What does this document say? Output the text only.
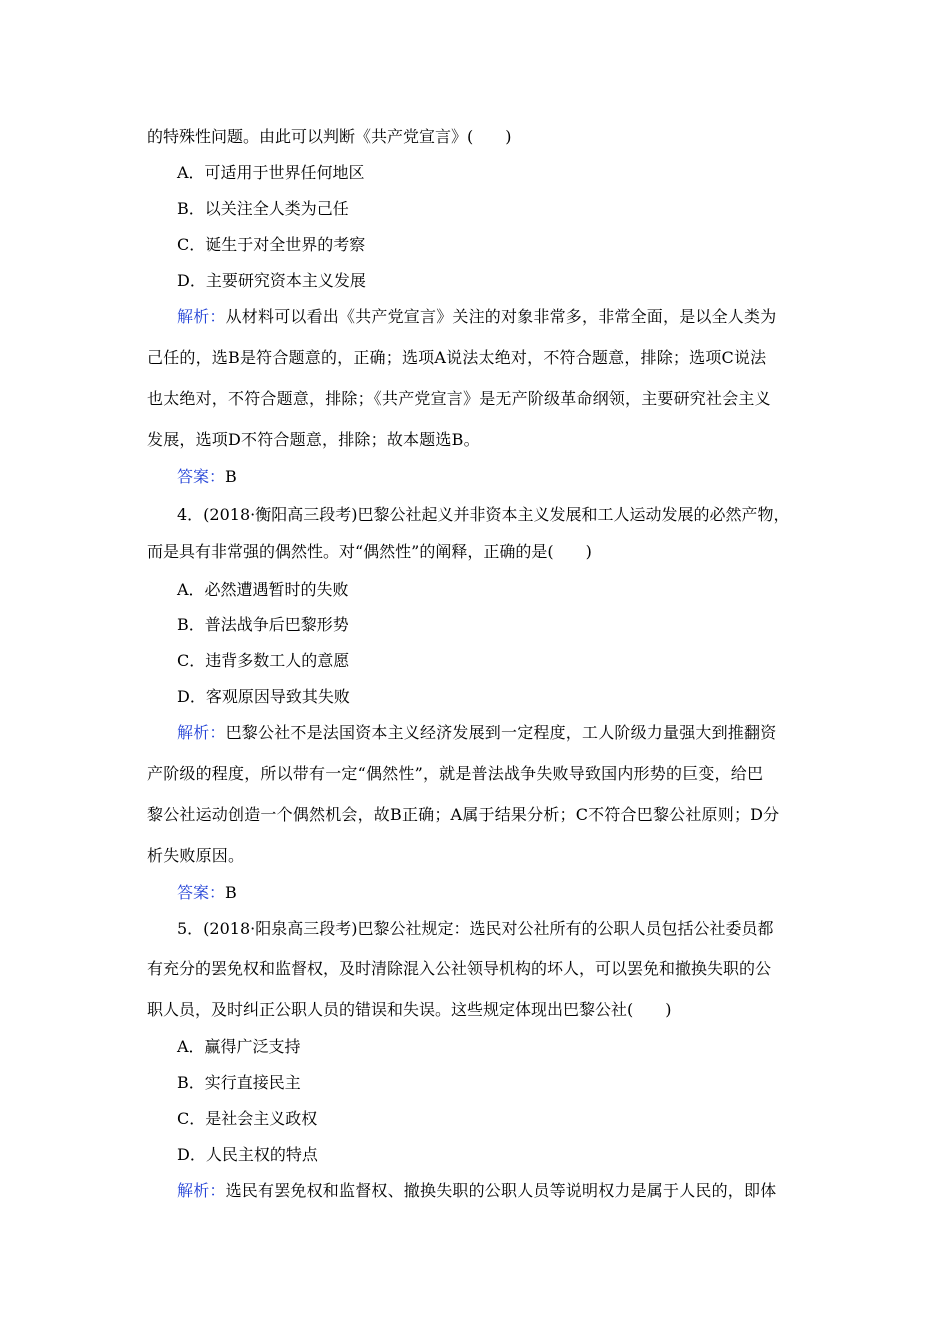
的特殊性问题。由此可以判断《共产党宣言》(　　)
A．可适用于世界任何地区
B．以关注全人类为己任
C．诞生于对全世界的考察
D．主要研究资本主义发展
解析：从材料可以看出《共产党宣言》关注的对象非常多，非常全面，是以全人类为
己任的，选B是符合题意的，正确；选项A说法太绝对，不符合题意，排除；选项C说法
也太绝对，不符合题意，排除；《共产党宣言》是无产阶级革命纲领，主要研究社会主义
发展，选项D不符合题意，排除；故本题选B。
答案：B
4．(2018·衡阳高三段考)巴黎公社起义并非资本主义发展和工人运动发展的必然产物，
而是具有非常强的偶然性。对“偶然性”的阐释，正确的是(　　)
A．必然遭遇暂时的失败
B．普法战争后巴黎形势
C．违背多数工人的意愿
D．客观原因导致其失败
解析：巴黎公社不是法国资本主义经济发展到一定程度，工人阶级力量强大到推翻资
产阶级的程度，所以带有一定“偶然性”，就是普法战争失败导致国内形势的巨变，给巴
黎公社运动创造一个偶然机会，故B正确；A属于结果分析；C不符合巴黎公社原则；D分
析失败原因。
答案：B
5．(2018·阳泉高三段考)巴黎公社规定：选民对公社所有的公职人员包括公社委员都
有充分的罢免权和监督权，及时清除混入公社领导机构的坏人，可以罢免和撤换失职的公
职人员，及时纠正公职人员的错误和失误。这些规定体现出巴黎公社(　　)
A．赢得广泛支持
B．实行直接民主
C．是社会主义政权
D．人民主权的特点
解析：选民有罢免权和监督权、撤换失职的公职人员等说明权力是属于人民的，即体
